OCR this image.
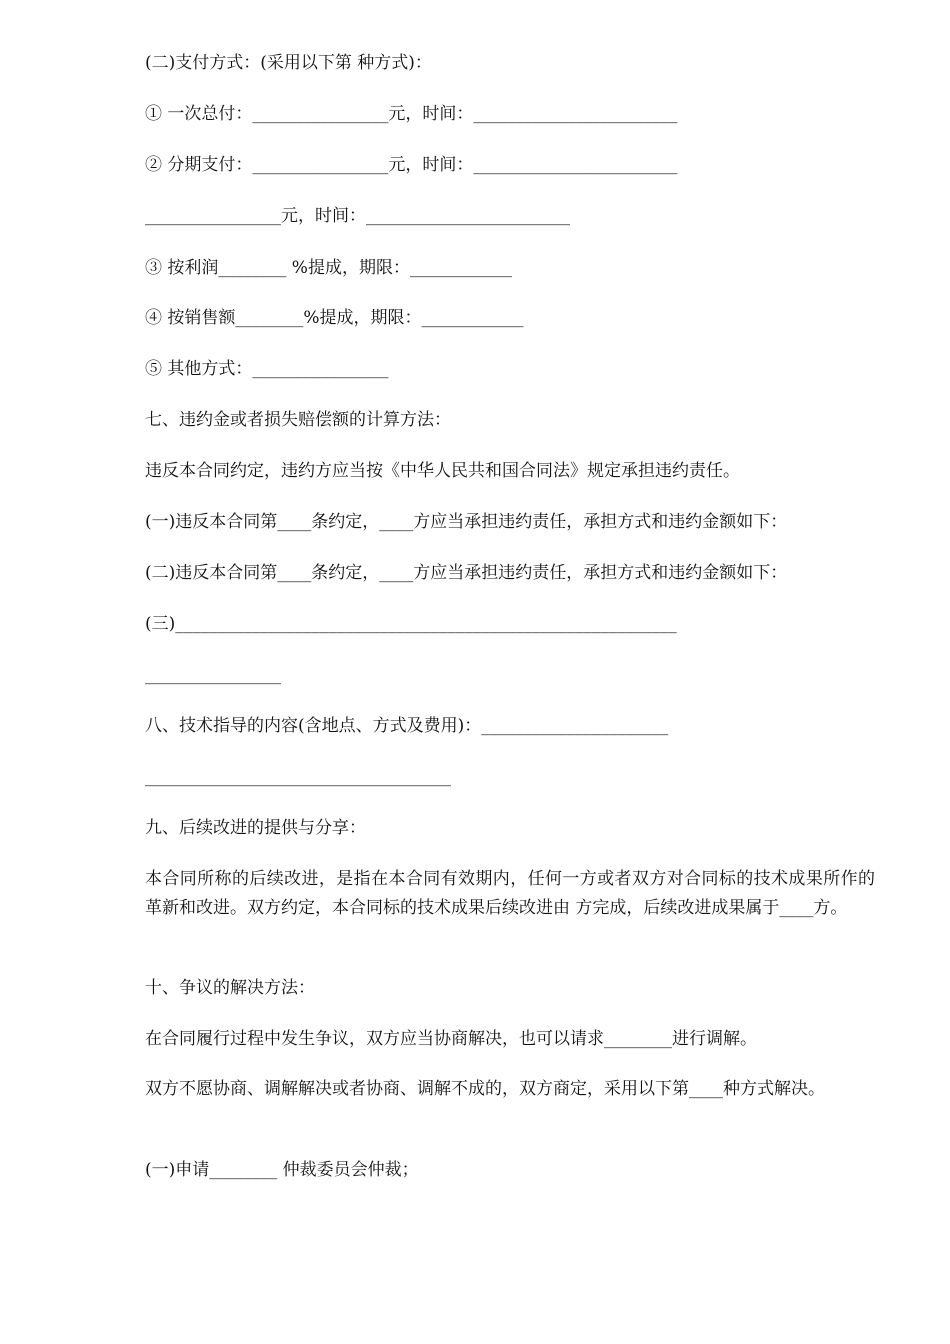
(二)支付方式：(采用以下第 种方式)：
① 一次总付：________________元，时间：________________________
② 分期支付：________________元，时间：________________________
________________元，时间：________________________
③ 按利润________ %提成，期限：____________
④ 按销售额________%提成，期限：____________
⑤ 其他方式：________________
七、违约金或者损失赔偿额的计算方法：
违反本合同约定，违约方应当按《中华人民共和国合同法》规定承担违约责任。
(一)违反本合同第____条约定，____方应当承担违约责任，承担方式和违约金额如下：
(二)违反本合同第____条约定，____方应当承担违约责任，承担方式和违约金额如下：
(三)___________________________________________________________
________________
八、技术指导的内容(含地点、方式及费用)：______________________
____________________________________
九、后续改进的提供与分享：
本合同所称的后续改进，是指在本合同有效期内，任何一方或者双方对合同标的技术成果所作的革新和改进。双方约定，本合同标的技术成果后续改进由 方完成，后续改进成果属于____方。
十、争议的解决方法：
在合同履行过程中发生争议，双方应当协商解决，也可以请求________进行调解。
双方不愿协商、调解解决或者协商、调解不成的，双方商定，采用以下第____种方式解决。
(一)申请________ 仲裁委员会仲裁；
